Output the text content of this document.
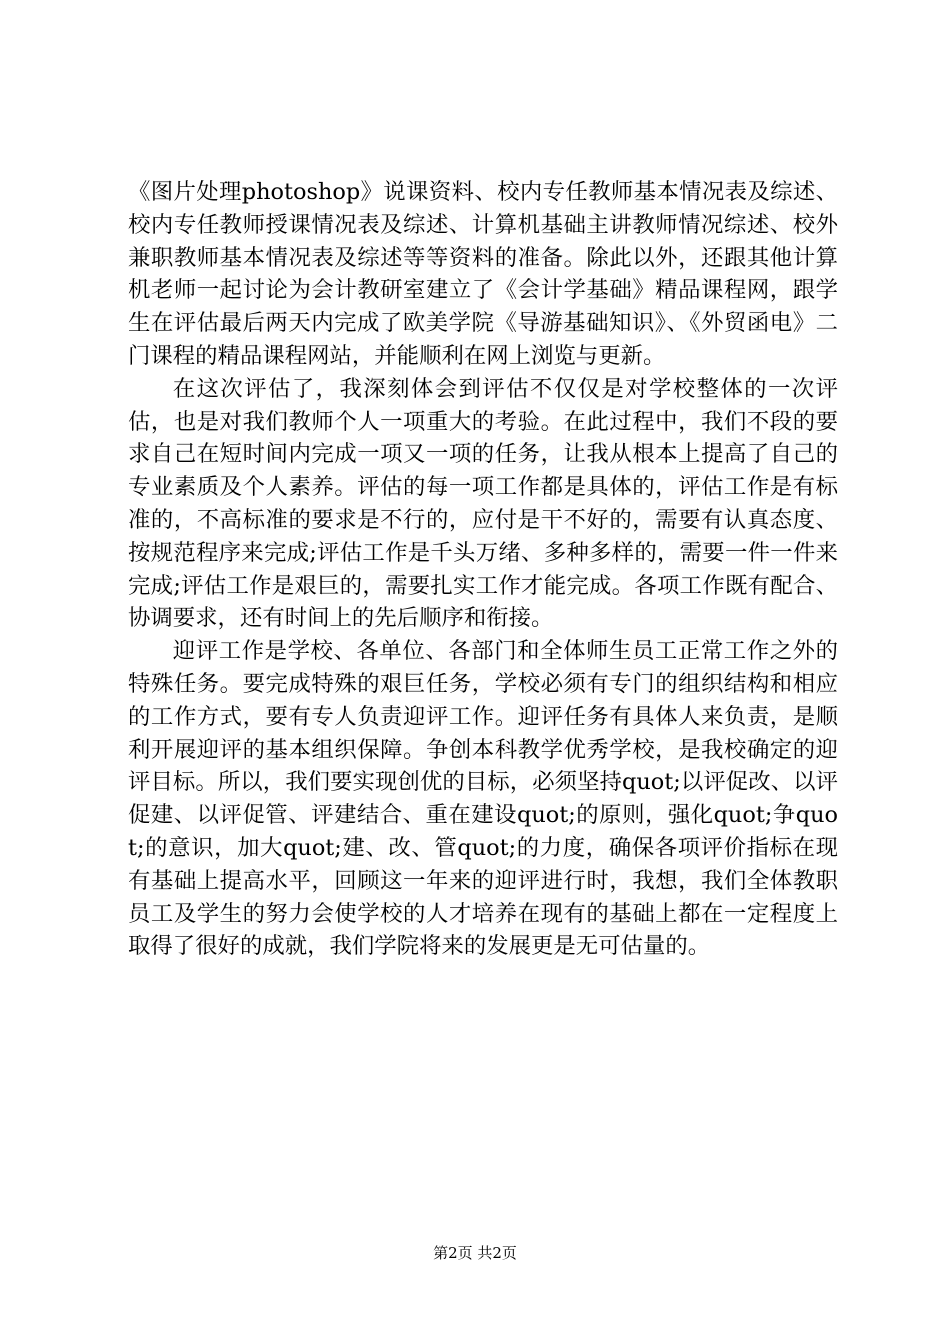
《图片处理photoshop》说课资料、校内专任教师基本情况表及综述、校内专任教师授课情况表及综述、计算机基础主讲教师情况综述、校外兼职教师基本情况表及综述等等资料的准备。除此以外，还跟其他计算机老师一起讨论为会计教研室建立了《会计学基础》精品课程网，跟学生在评估最后两天内完成了欧美学院《导游基础知识》、《外贸函电》二门课程的精品课程网站，并能顺利在网上浏览与更新。

在这次评估了，我深刻体会到评估不仅仅是对学校整体的一次评估，也是对我们教师个人一项重大的考验。在此过程中，我们不段的要求自己在短时间内完成一项又一项的任务，让我从根本上提高了自己的专业素质及个人素养。评估的每一项工作都是具体的，评估工作是有标准的，不高标准的要求是不行的，应付是干不好的，需要有认真态度、按规范程序来完成;评估工作是千头万绪、多种多样的，需要一件一件来完成;评估工作是艰巨的，需要扎实工作才能完成。各项工作既有配合、协调要求，还有时间上的先后顺序和衔接。

迎评工作是学校、各单位、各部门和全体师生员工正常工作之外的特殊任务。要完成特殊的艰巨任务，学校必须有专门的组织结构和相应的工作方式，要有专人负责迎评工作。迎评任务有具体人来负责，是顺利开展迎评的基本组织保障。争创本科教学优秀学校，是我校确定的迎评目标。所以，我们要实现创优的目标，必须坚持quot;以评促改、以评促建、以评促管、评建结合、重在建设quot;的原则，强化quot;争quot;的意识，加大quot;建、改、管quot;的力度，确保各项评价指标在现有基础上提高水平，回顾这一年来的迎评进行时，我想，我们全体教职员工及学生的努力会使学校的人才培养在现有的基础上都在一定程度上取得了很好的成就，我们学院将来的发展更是无可估量的。

第2页 共2页
